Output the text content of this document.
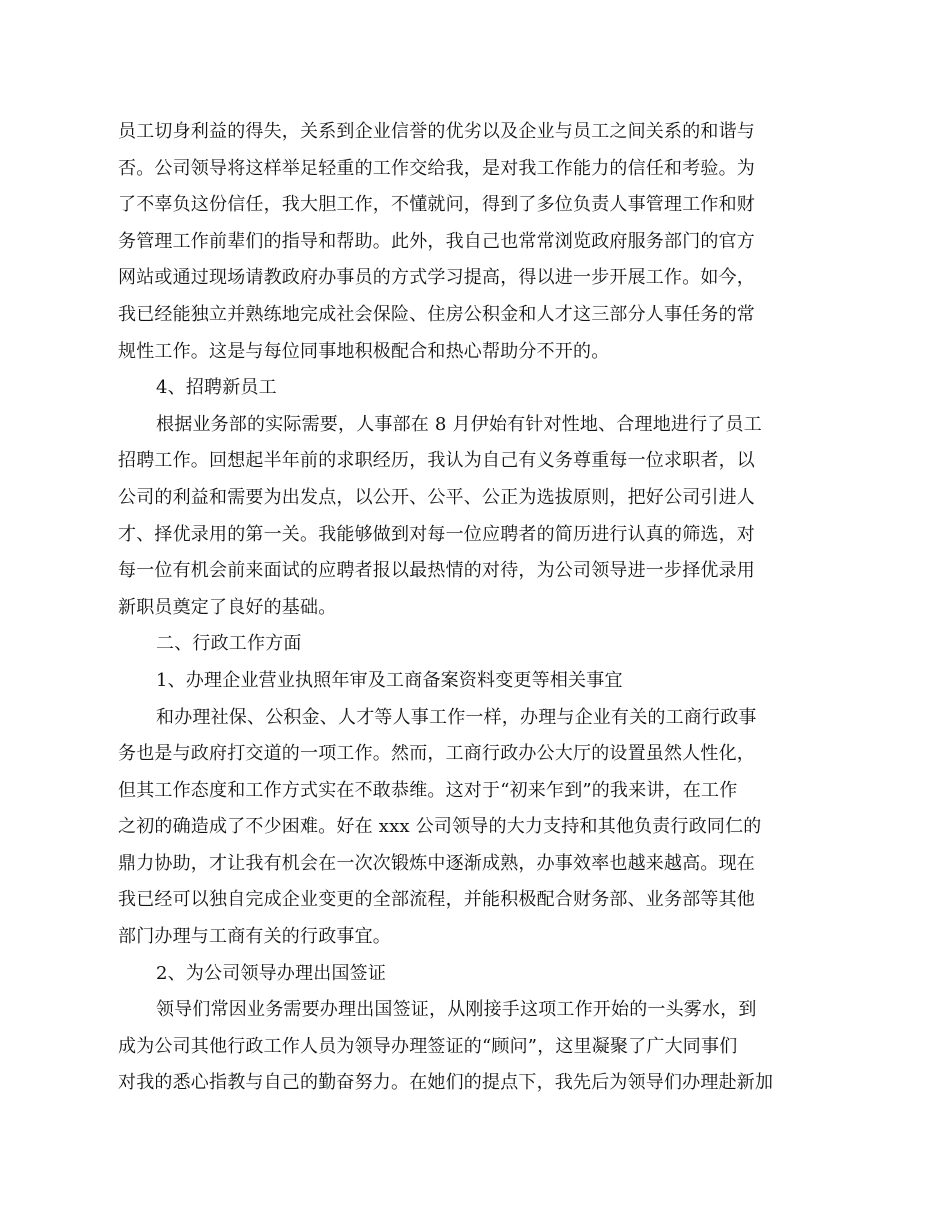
员工切身利益的得失，关系到企业信誉的优劣以及企业与员工之间关系的和谐与
否。公司领导将这样举足轻重的工作交给我，是对我工作能力的信任和考验。为
了不辜负这份信任，我大胆工作，不懂就问，得到了多位负责人事管理工作和财
务管理工作前辈们的指导和帮助。此外，我自己也常常浏览政府服务部门的官方
网站或通过现场请教政府办事员的方式学习提高，得以进一步开展工作。如今，
我已经能独立并熟练地完成社会保险、住房公积金和人才这三部分人事任务的常
规性工作。这是与每位同事地积极配合和热心帮助分不开的。
4、招聘新员工
根据业务部的实际需要，人事部在 8 月伊始有针对性地、合理地进行了员工
招聘工作。回想起半年前的求职经历，我认为自己有义务尊重每一位求职者，以
公司的利益和需要为出发点，以公开、公平、公正为选拔原则，把好公司引进人
才、择优录用的第一关。我能够做到对每一位应聘者的简历进行认真的筛选，对
每一位有机会前来面试的应聘者报以最热情的对待，为公司领导进一步择优录用
新职员奠定了良好的基础。
二、行政工作方面
1、办理企业营业执照年审及工商备案资料变更等相关事宜
和办理社保、公积金、人才等人事工作一样，办理与企业有关的工商行政事
务也是与政府打交道的一项工作。然而，工商行政办公大厅的设置虽然人性化，
但其工作态度和工作方式实在不敢恭维。这对于“初来乍到”的我来讲，在工作
之初的确造成了不少困难。好在 xxx 公司领导的大力支持和其他负责行政同仁的
鼎力协助，才让我有机会在一次次锻炼中逐渐成熟，办事效率也越来越高。现在
我已经可以独自完成企业变更的全部流程，并能积极配合财务部、业务部等其他
部门办理与工商有关的行政事宜。
2、为公司领导办理出国签证
领导们常因业务需要办理出国签证，从刚接手这项工作开始的一头雾水，到
成为公司其他行政工作人员为领导办理签证的“顾问”，这里凝聚了广大同事们
对我的悉心指教与自己的勤奋努力。在她们的提点下，我先后为领导们办理赴新加
